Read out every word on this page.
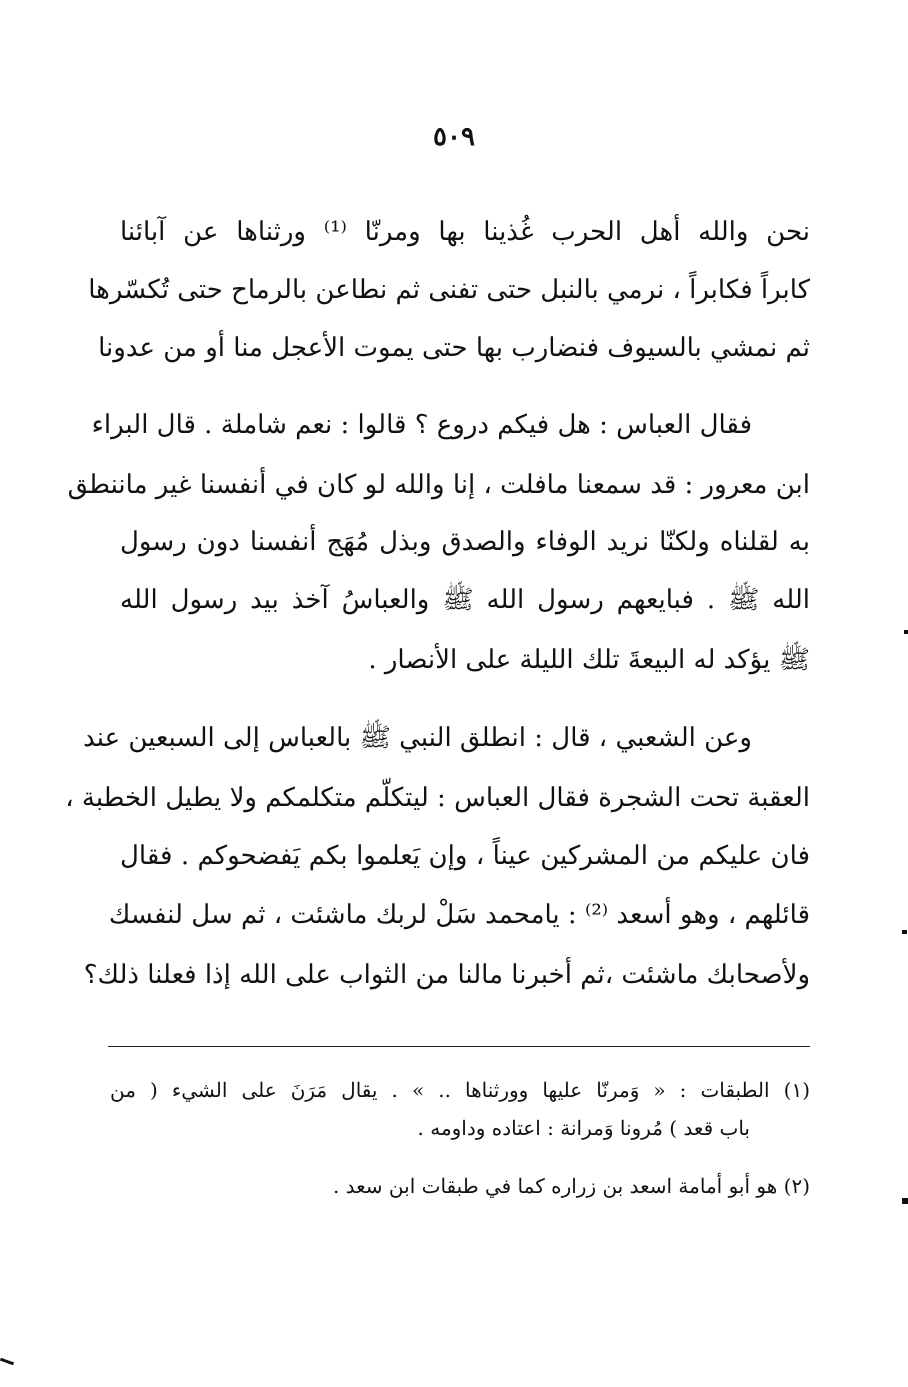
٥٠٩
نحن والله أهل الحرب غُذينا بها ومرنّا ⁽¹⁾ ورثناها عن آبائنا
كابراً فكابراً ، نرمي بالنبل حتى تفنى ثم نطاعن بالرماح حتى تُكسّرها
ثم نمشي بالسيوف فنضارب بها حتى يموت الأعجل منا أو من عدونا
فقال العباس : هل فيكم دروع ؟ قالوا : نعم شاملة . قال البراء
ابن معرور : قد سمعنا مافلت ، إنا والله لو كان في أنفسنا غير ماننطق
به لقلناه ولكنّا نريد الوفاء والصدق وبذل مُهَج أنفسنا دون رسول
الله ﷺ . فبايعهم رسول الله ﷺ والعباسُ آخذ بيد رسول الله
ﷺ يؤكد له البيعةَ تلك الليلة على الأنصار .
وعن الشعبي ، قال : انطلق النبي ﷺ بالعباس إلى السبعين عند
العقبة تحت الشجرة فقال العباس : ليتكلّم متكلمكم ولا يطيل الخطبة ،
فان عليكم من المشركين عيناً ، وإن يَعلموا بكم يَفضحوكم . فقال
قائلهم ، وهو أسعد ⁽²⁾ : يامحمد سَلْ لربك ماشئت ، ثم سل لنفسك
ولأصحابك ماشئت ،ثم أخبرنا مالنا من الثواب على الله إذا فعلنا ذلك؟
(١) الطبقات : « وَمرنّا عليها وورثناها .. » . يقال مَرَنَ على الشيء ( من
باب قعد ) مُرونا وَمرانة : اعتاده وداومه .
(٢) هو أبو أمامة اسعد بن زراره كما في طبقات ابن سعد .
